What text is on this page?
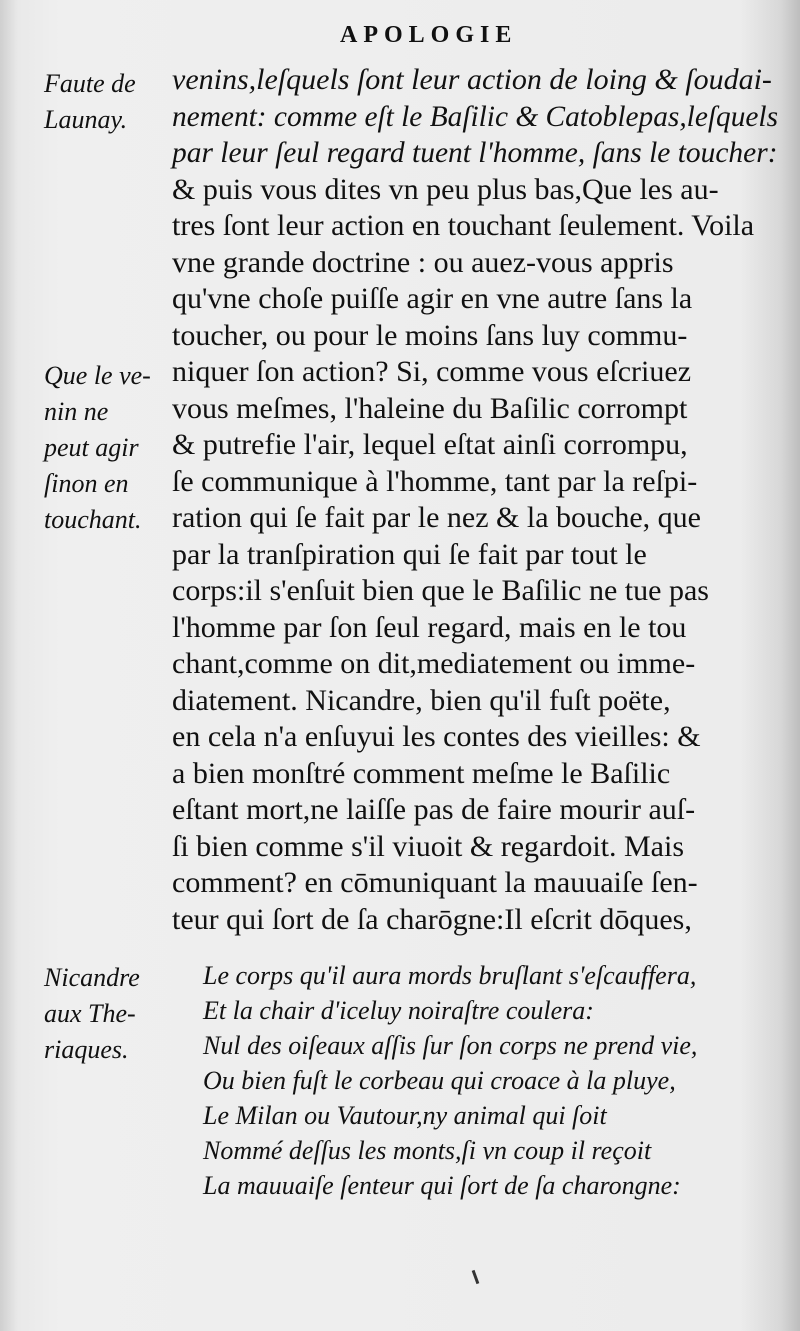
APOLOGIE
Faute de
Launay.
Que le ve-
nin ne
peut agir
ſinon en
touchant.
Nicandre
aux The-
riaques.
venins,leſquels ſont leur action de loing & ſoudai-
nement: comme eſt le Baſilic & Catoblepas,leſquels
par leur ſeul regard tuent l'homme, ſans le toucher:
& puis vous dites vn peu plus bas,Que les au-
tres ſont leur action en touchant ſeulement. Voila
vne grande doctrine : ou auez-vous appris
qu'vne choſe puiſſe agir en vne autre ſans la
toucher, ou pour le moins ſans luy commu-
niquer ſon action? Si, comme vous eſcriuez
vous meſmes, l'haleine du Baſilic corrompt
& putrefie l'air, lequel eſtat ainſi corrompu,
ſe communique à l'homme, tant par la reſpi-
ration qui ſe fait par le nez & la bouche, que
par la tranſpiration qui ſe fait par tout le
corps:il s'enſuit bien que le Baſilic ne tue pas
l'homme par ſon ſeul regard, mais en le tou
chant,comme on dit,mediatement ou imme-
diatement. Nicandre, bien qu'il fuſt poëte,
en cela n'a enſuyui les contes des vieilles: &
a bien monſtré comment meſme le Baſilic
eſtant mort,ne laiſſe pas de faire mourir auſ-
ſi bien comme s'il viuoit & regardoit. Mais
comment? en cōmuniquant la mauuaiſe ſen-
teur qui ſort de ſa charōgne:Il eſcrit dōques,
Le corps qu'il aura mords bruſlant s'eſcauffera,
Et la chair d'iceluy noiraſtre coulera:
Nul des oiſeaux aſſis ſur ſon corps ne prend vie,
Ou bien fuſt le corbeau qui croace à la pluye,
Le Milan ou Vautour,ny animal qui ſoit
Nommé deſſus les monts,ſi vn coup il reçoit
La mauuaiſe ſenteur qui ſort de ſa charongne:
